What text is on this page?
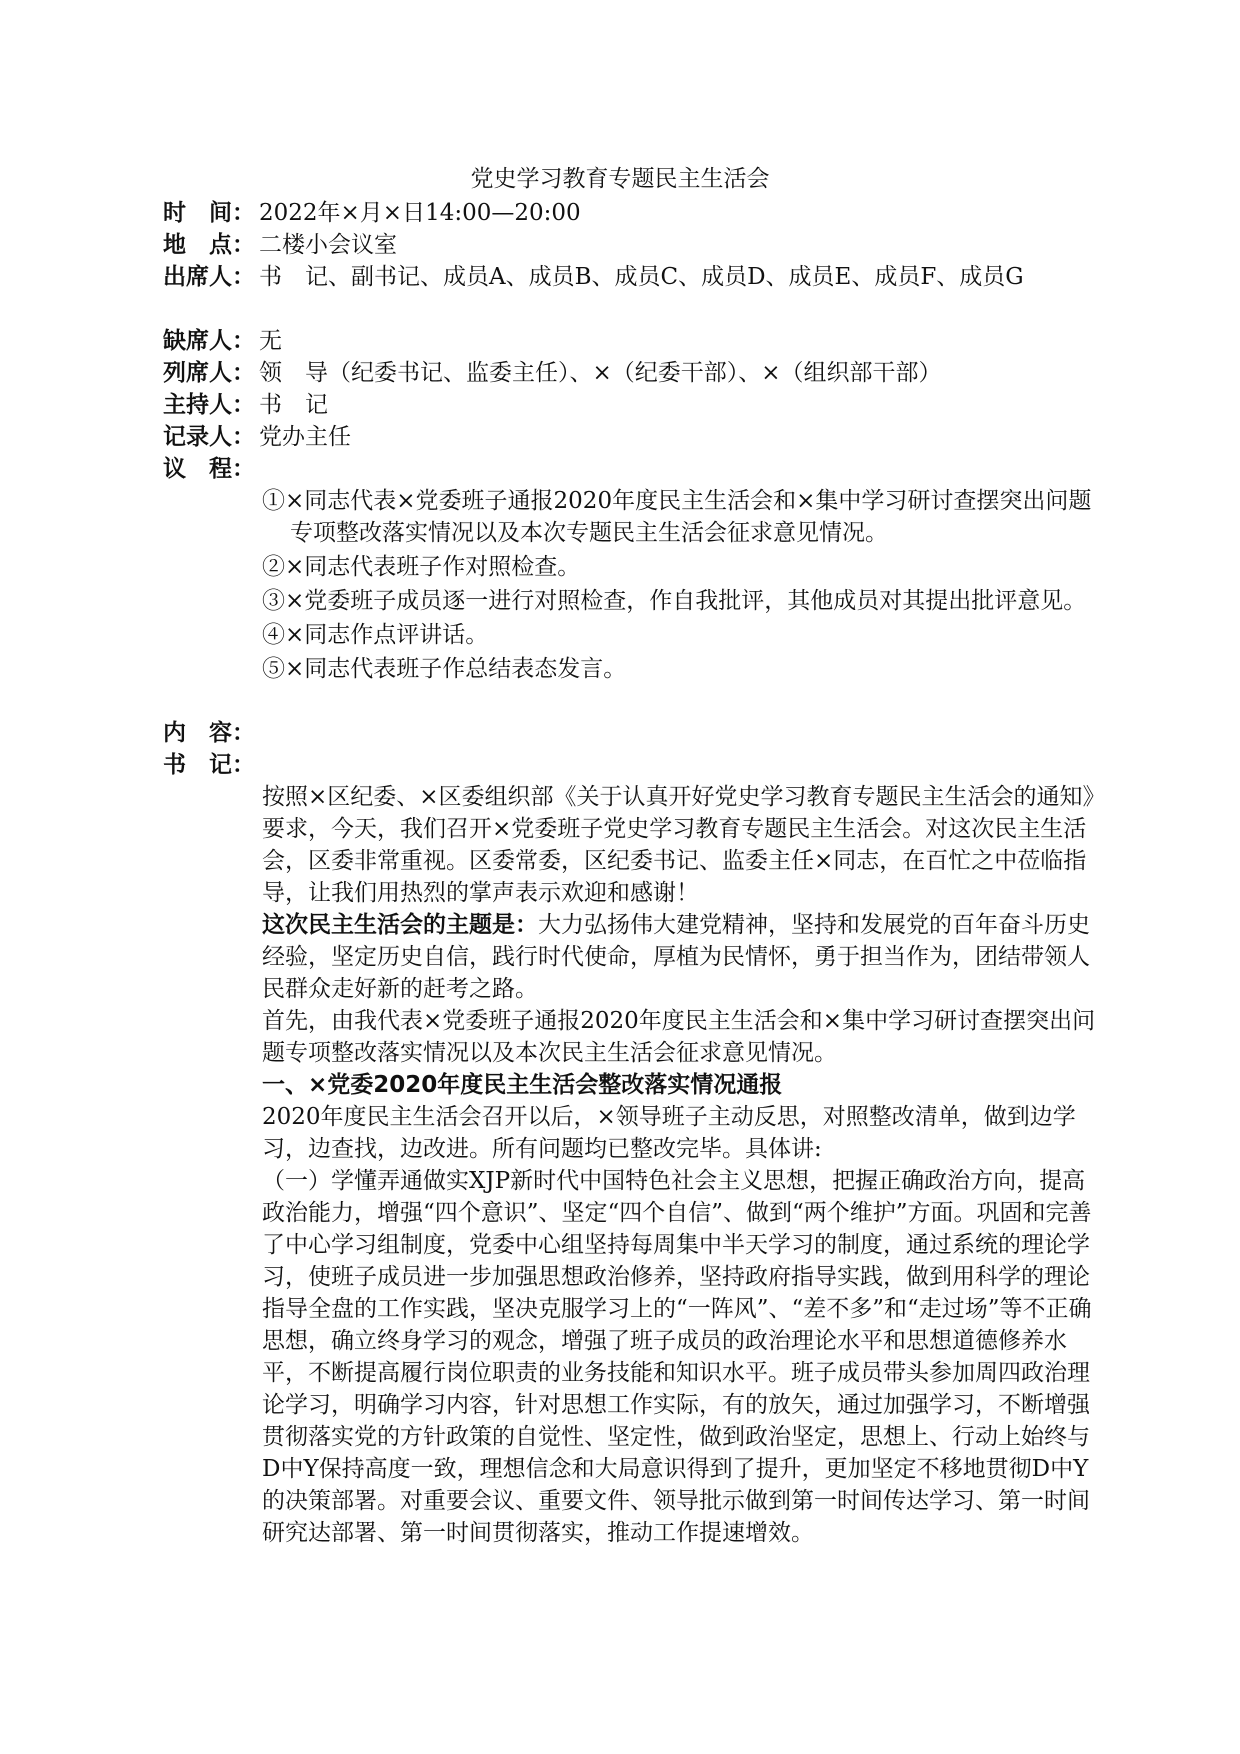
党史学习教育专题民主生活会
时　间： 2022年×月×日14:00—20:00
地　点： 二楼小会议室
出席人： 书　记、副书记、成员A、成员B、成员C、成员D、成员E、成员F、成员G
缺席人： 无
列席人： 领　导（纪委书记、监委主任）、×（纪委干部）、×（组织部干部）
主持人： 书　记
记录人： 党办主任
议　程：

①×同志代表×党委班子通报2020年度民主生活会和×集中学习研讨查摆突出问题专项整改落实情况以及本次专题民主生活会征求意见情况。

②×同志代表班子作对照检查。

③×党委班子成员逐一进行对照检查，作自我批评，其他成员对其提出批评意见。

④×同志作点评讲话。

⑤×同志代表班子作总结表态发言。

内　容：
书　记：

按照×区纪委、×区委组织部《关于认真开好党史学习教育专题民主生活会的通知》要求，今天，我们召开×党委班子党史学习教育专题民主生活会。对这次民主生活会，区委非常重视。区委常委，区纪委书记、监委主任×同志，在百忙之中莅临指导，让我们用热烈的掌声表示欢迎和感谢！

这次民主生活会的主题是：大力弘扬伟大建党精神，坚持和发展党的百年奋斗历史经验，坚定历史自信，践行时代使命，厚植为民情怀，勇于担当作为，团结带领人民群众走好新的赶考之路。

首先，由我代表×党委班子通报2020年度民主生活会和×集中学习研讨查摆突出问题专项整改落实情况以及本次民主生活会征求意见情况。

一、×党委2020年度民主生活会整改落实情况通报

2020年度民主生活会召开以后，×领导班子主动反思，对照整改清单，做到边学习，边查找，边改进。所有问题均已整改完毕。具体讲:

（一）学懂弄通做实XJP新时代中国特色社会主义思想，把握正确政治方向，提高政治能力，增强“四个意识”、坚定“四个自信”、做到“两个维护”方面。巩固和完善了中心学习组制度，党委中心组坚持每周集中半天学习的制度，通过系统的理论学习，使班子成员进一步加强思想政治修养，坚持政府指导实践，做到用科学的理论指导全盘的工作实践，坚决克服学习上的“一阵风”、“差不多”和“走过场”等不正确思想，确立终身学习的观念，增强了班子成员的政治理论水平和思想道德修养水平，不断提高履行岗位职责的业务技能和知识水平。班子成员带头参加周四政治理论学习，明确学习内容，针对思想工作实际，有的放矢，通过加强学习，不断增强贯彻落实党的方针政策的自觉性、坚定性，做到政治坚定，思想上、行动上始终与D中Y保持高度一致，理想信念和大局意识得到了提升，更加坚定不移地贯彻D中Y的决策部署。对重要会议、重要文件、领导批示做到第一时间传达学习、第一时间研究达部署、第一时间贯彻落实，推动工作提速增效。
